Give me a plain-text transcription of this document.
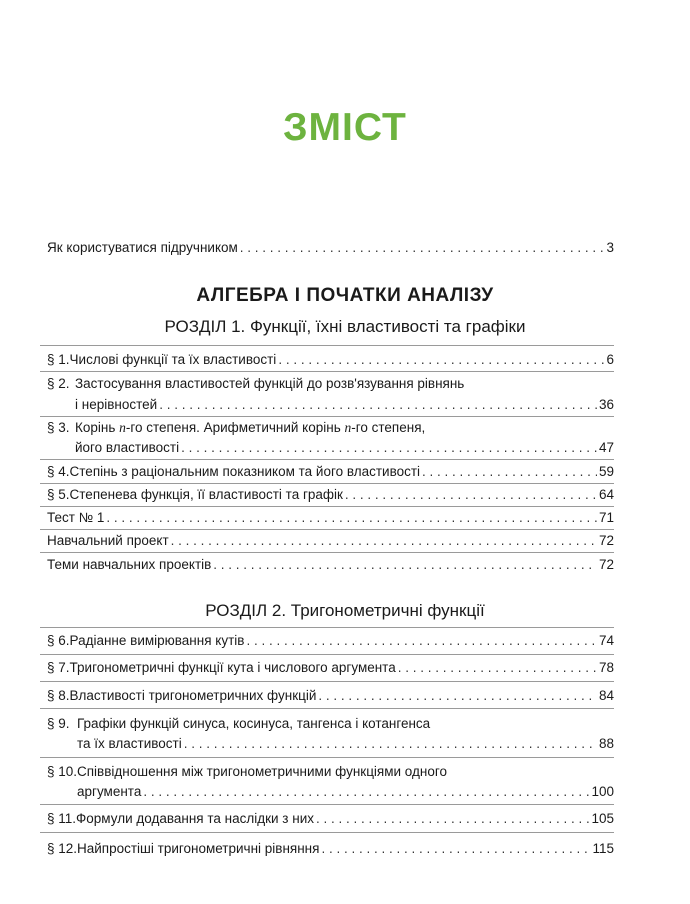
ЗМІСТ
Як користуватися підручником . . .	3
АЛГЕБРА І ПОЧАТКИ АНАЛІЗУ
РОЗДІЛ 1. Функції, їхні властивості та графіки
§ 1. Числові функції та їх властивості . . .	6
§ 2. Застосування властивостей функцій до розв'язування рівнянь
і нерівностей . . .	36
§ 3. Корінь n-го степеня. Арифметичний корінь n-го степеня,
його властивості . . .	47
§ 4. Степінь з раціональним показником та його властивості . . .	59
§ 5. Степенева функція, її властивості та графік . . .	64
Тест № 1 . . .	71
Навчальний проект . . .	72
Теми навчальних проектів . . .	72
РОЗДІЛ 2. Тригонометричні функції
§ 6. Радіанне вимірювання кутів . . .	74
§ 7. Тригонометричні функції кута і числового аргумента . . .	78
§ 8. Властивості тригонометричних функцій . . .	84
§ 9. Графіки функцій синуса, косинуса, тангенса і котангенса
та їх властивості . . .	88
§ 10.Співвідношення між тригонометричними функціями одного
аргумента . . .	100
§ 11. Формули додавання та наслідки з них . . .	105
§ 12. Найпростіші тригонометричні рівняння . . .	115
